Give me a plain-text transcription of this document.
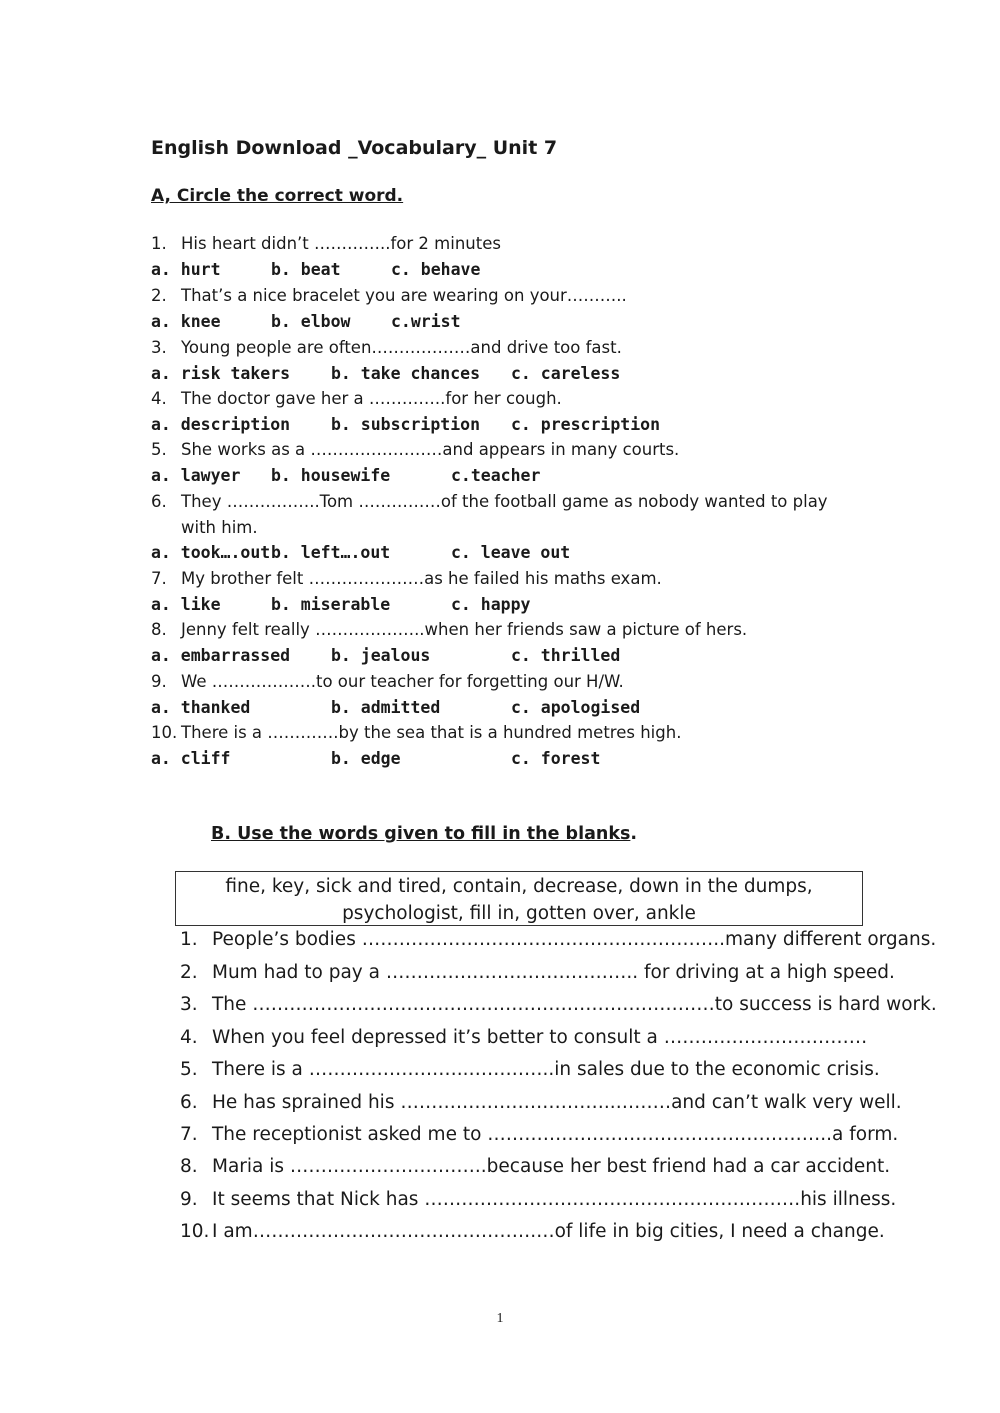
English Download _Vocabulary_ Unit 7
A, Circle the correct word.
1. His heart didn’t …………..for 2 minutes
a. hurt	b. beat	c. behave
2. That’s a nice bracelet you are wearing on your………..
a. knee	b. elbow c.wrist
3. Young people are often………………and drive too fast.
a. risk takers b. take chances c. careless
4. The doctor gave her a …………..for her cough.
a. description b. subscription c. prescription
5. She works as a ……………………and appears in many courts.
a. lawyer b. housewife	c.teacher
6. They ……………..Tom ……………of the football game as nobody wanted to play
with him.
a. took….out b. left….out	c. leave out
7. My brother felt …………………as he failed his maths exam.
a. like	b. miserable	c. happy
8. Jenny felt really ………………..when her friends saw a picture of hers.
a. embarrassed b. jealous	c. thrilled
9. We ……………….to our teacher for forgetting our H/W.
a. thanked	b. admitted	c. apologised
10. There is a ………….by the sea that is a hundred metres high.
a. cliff	b. edge	c. forest
B. Use the words given to fill in the blanks.
fine, key, sick and tired, contain, decrease, down in the dumps,
psychologist, fill in, gotten over, ankle
1. People’s bodies …………………………………………………..many different organs.
2. Mum had to pay a ………………………………….. for driving at a high speed.
3. The …………………………………………………………………to success is hard work.
4. When you feel depressed it’s better to consult a ……………………………
5. There is a ……………………..…………..in sales due to the economic crisis.
6. He has sprained his ……………………………..………and can’t walk very well.
7. The receptionist asked me to ………………………………………………..a form.
8. Maria is …………………………..because her best friend had a car accident.
9. It seems that Nick has …………………………………………………….his illness.
10. I am……………………………………….…of life in big cities, I need a change.
1
